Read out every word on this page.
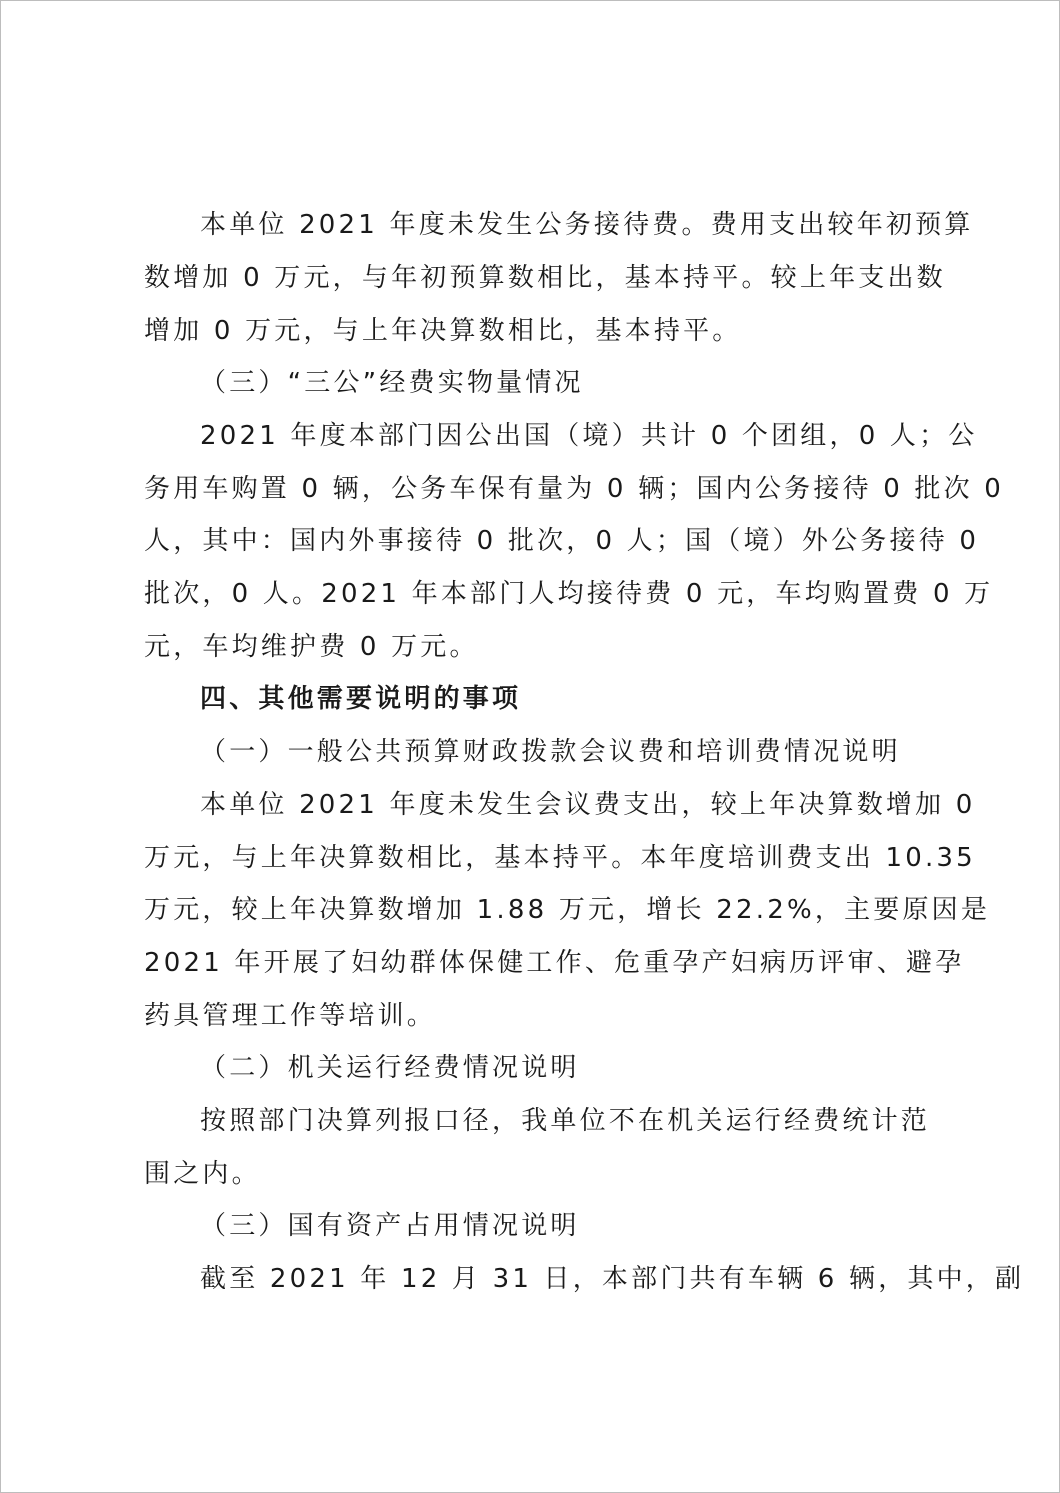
本单位 2021 年度未发生公务接待费。费用支出较年初预算
数增加 0 万元，与年初预算数相比，基本持平。较上年支出数
增加 0 万元，与上年决算数相比，基本持平。
（三）“三公”经费实物量情况
2021 年度本部门因公出国（境）共计 0 个团组，0 人；公
务用车购置 0 辆，公务车保有量为 0 辆；国内公务接待 0 批次 0
人，其中：国内外事接待 0 批次，0 人；国（境）外公务接待 0
批次，0 人。2021 年本部门人均接待费 0 元，车均购置费 0 万
元，车均维护费 0 万元。
四、其他需要说明的事项
（一）一般公共预算财政拨款会议费和培训费情况说明
本单位 2021 年度未发生会议费支出，较上年决算数增加 0
万元，与上年决算数相比，基本持平。本年度培训费支出 10.35
万元，较上年决算数增加 1.88 万元，增长 22.2%，主要原因是
2021 年开展了妇幼群体保健工作、危重孕产妇病历评审、避孕
药具管理工作等培训。
（二）机关运行经费情况说明
按照部门决算列报口径，我单位不在机关运行经费统计范
围之内。
（三）国有资产占用情况说明
截至 2021 年 12 月 31 日，本部门共有车辆 6 辆，其中，副
